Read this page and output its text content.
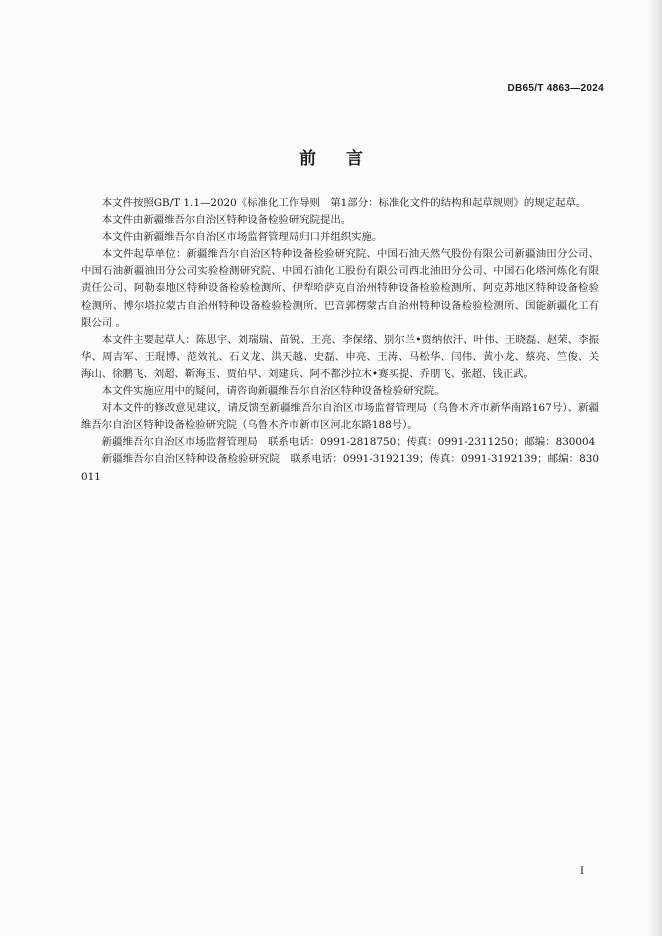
DB65/T 4863—2024
前言

本文件按照GB/T 1.1—2020《标准化工作导则　第1部分：标准化文件的结构和起草规则》的规定起草。

本文件由新疆维吾尔自治区特种设备检验研究院提出。

本文件由新疆维吾尔自治区市场监督管理局归口并组织实施。

本文件起草单位：新疆维吾尔自治区特种设备检验研究院、中国石油天然气股份有限公司新疆油田分公司、中国石油新疆油田分公司实验检测研究院、中国石油化工股份有限公司西北油田分公司、中国石化塔河炼化有限责任公司、阿勒泰地区特种设备检验检测所、伊犁哈萨克自治州特种设备检验检测所、阿克苏地区特种设备检验检测所、博尔塔拉蒙古自治州特种设备检验检测所、巴音郭楞蒙古自治州特种设备检验检测所、国能新疆化工有限公司 。

本文件主要起草人：陈思宇、刘瑞瑞、苗锐、王亮、李保绪、别尔兰•贾纳依汗、叶伟、王晓磊、赵荣、李振华、周吉军、王琨博、范效礼、石义龙、洪天越、史磊、申亮、王涛、马松华、闫伟、黄小龙、蔡亮、竺俊、关海山、徐鹏飞、刘超、靳海玉、贾伯早、刘建兵、阿不都沙拉木•赛买提、乔朋飞、张超、钱正武。

本文件实施应用中的疑问，请咨询新疆维吾尔自治区特种设备检验研究院。

对本文件的修改意见建议，请反馈至新疆维吾尔自治区市场监督管理局（乌鲁木齐市新华南路167号）、新疆维吾尔自治区特种设备检验研究院（乌鲁木齐市新市区河北东路188号）。

新疆维吾尔自治区市场监督管理局　联系电话：0991-2818750；传真：0991-2311250；邮编：830004

新疆维吾尔自治区特种设备检验研究院　联系电话：0991-3192139；传真：0991-3192139；邮编：830011

I
